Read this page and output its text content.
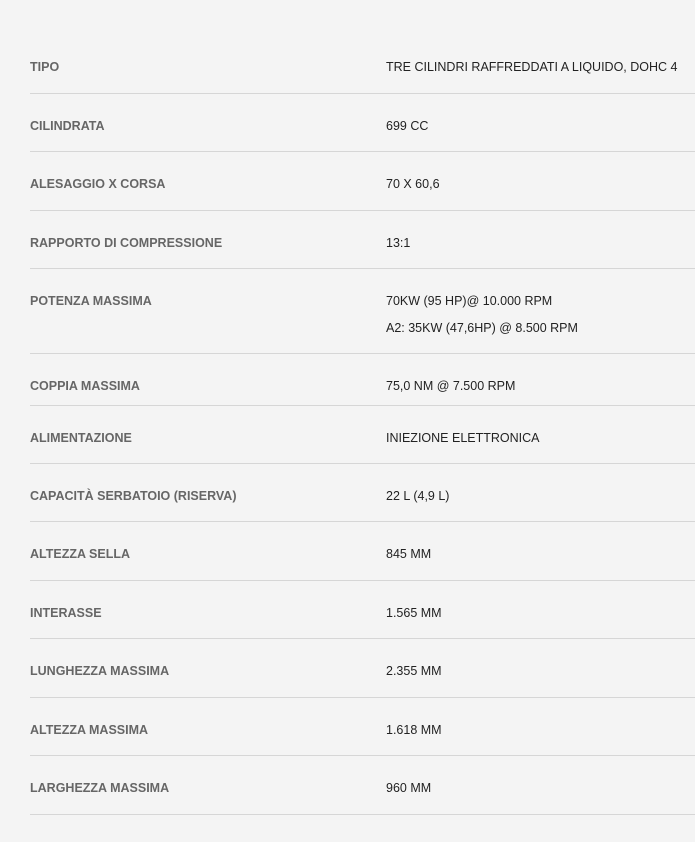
TIPO	TRE CILINDRI RAFFREDDATI A LIQUIDO, DOHC 4
CILINDRATA	699 CC
ALESAGGIO X CORSA	70 X 60,6
RAPPORTO DI COMPRESSIONE	13:1
POTENZA MASSIMA	70KW (95 HP)@ 10.000 RPM
A2: 35KW (47,6HP) @ 8.500 RPM
COPPIA MASSIMA	75,0 NM @ 7.500 RPM
ALIMENTAZIONE	INIEZIONE ELETTRONICA
CAPACITÀ SERBATOIO (RISERVA)	22 L (4,9 L)
ALTEZZA SELLA	845 MM
INTERASSE	1.565 MM
LUNGHEZZA MASSIMA	2.355 MM
ALTEZZA MASSIMA	1.618 MM
LARGHEZZA MASSIMA	960 MM
